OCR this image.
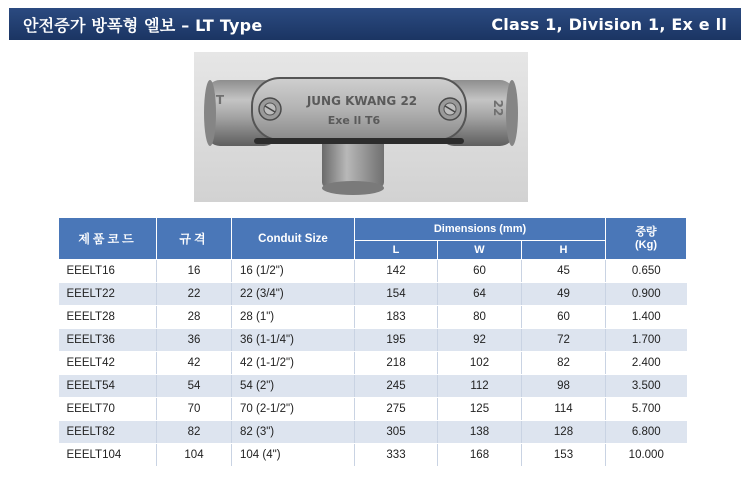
안전증가 방폭형 엘보 – LT Type	Class 1, Division 1, Ex e ll
JUNG KWANG 22
Exe ll T6
T	22
제품코드	규격	Conduit Size	Dimensions (mm)			중량
(Kg)
			L	W	H	
EEELT16	16	16 (1/2")	142	60	45	0.650
EEELT22	22	22 (3/4")	154	64	49	0.900
EEELT28	28	28 (1")	183	80	60	1.400
EEELT36	36	36 (1-1/4")	195	92	72	1.700
EEELT42	42	42 (1-1/2")	218	102	82	2.400
EEELT54	54	54 (2")	245	112	98	3.500
EEELT70	70	70 (2-1/2")	275	125	114	5.700
EEELT82	82	82 (3")	305	138	128	6.800
EEELT104	104	104 (4")	333	168	153	10.000
